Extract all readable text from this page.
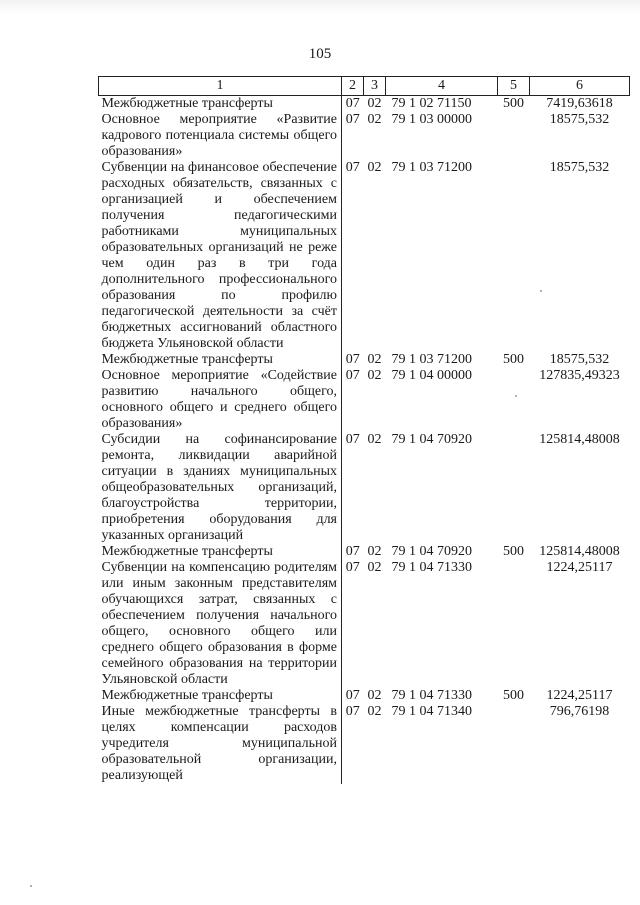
105
1	2	3	4	5	6
Межбюджетные трансферты	07	02	79 1 02 71150	500	7419,63618
Основное мероприятие «Развитие кадрового потенциала системы общего образования»	07	02	79 1 03 00000		18575,532
Субвенции на финансовое обеспечение расходных обязательств, связанных с организацией и обеспечением получения педагогическими работниками муниципальных образовательных организаций не реже чем один раз в три года дополнительного профессионального образования по профилю педагогической деятельности за счёт бюджетных ассигнований областного бюджета Ульяновской области	07	02	79 1 03 71200		18575,532
Межбюджетные трансферты	07	02	79 1 03 71200	500	18575,532
Основное мероприятие «Содействие развитию начального общего, основного общего и среднего общего образования»	07	02	79 1 04 00000		127835,49323
Субсидии на софинансирование ремонта, ликвидации аварийной ситуации в зданиях муниципальных общеобразовательных организаций, благоустройства территории, приобретения оборудования для указанных организаций	07	02	79 1 04 70920		125814,48008
Межбюджетные трансферты	07	02	79 1 04 70920	500	125814,48008
Субвенции на компенсацию родителям или иным законным представителям обучающихся затрат, связанных с обеспечением получения начального общего, основного общего или среднего общего образования в форме семейного образования на территории Ульяновской области	07	02	79 1 04 71330		1224,25117
Межбюджетные трансферты	07	02	79 1 04 71330	500	1224,25117
Иные межбюджетные трансферты в целях компенсации расходов учредителя муниципальной образовательной организации, реализующей	07	02	79 1 04 71340		796,76198
